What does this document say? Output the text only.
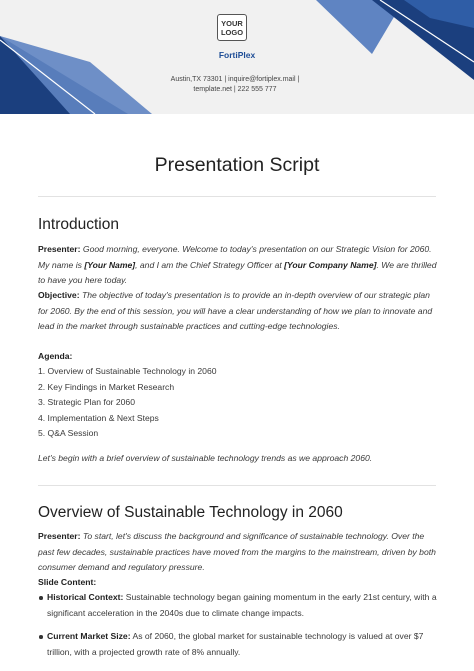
YOUR
LOGO
FortiPlex
Austin,TX 73301 | inquire@fortiplex.mail |
template.net | 222 555 777
Presentation Script
Introduction
Presenter: Good morning, everyone. Welcome to today's presentation on our Strategic Vision for 2060. My name is [Your Name], and I am the Chief Strategy Officer at [Your Company Name]. We are thrilled to have you here today.
Objective: The objective of today's presentation is to provide an in-depth overview of our strategic plan for 2060. By the end of this session, you will have a clear understanding of how we plan to innovate and lead in the market through sustainable practices and cutting-edge technologies.
Agenda:
1. Overview of Sustainable Technology in 2060
2. Key Findings in Market Research
3. Strategic Plan for 2060
4. Implementation & Next Steps
5. Q&A Session
Let's begin with a brief overview of sustainable technology trends as we approach 2060.
Overview of Sustainable Technology in 2060
Presenter: To start, let's discuss the background and significance of sustainable technology. Over the past few decades, sustainable practices have moved from the margins to the mainstream, driven by both consumer demand and regulatory pressure.
Slide Content:
Historical Context: Sustainable technology began gaining momentum in the early 21st century, with a significant acceleration in the 2040s due to climate change impacts.
Current Market Size: As of 2060, the global market for sustainable technology is valued at over $7 trillion, with a projected growth rate of 8% annually.
